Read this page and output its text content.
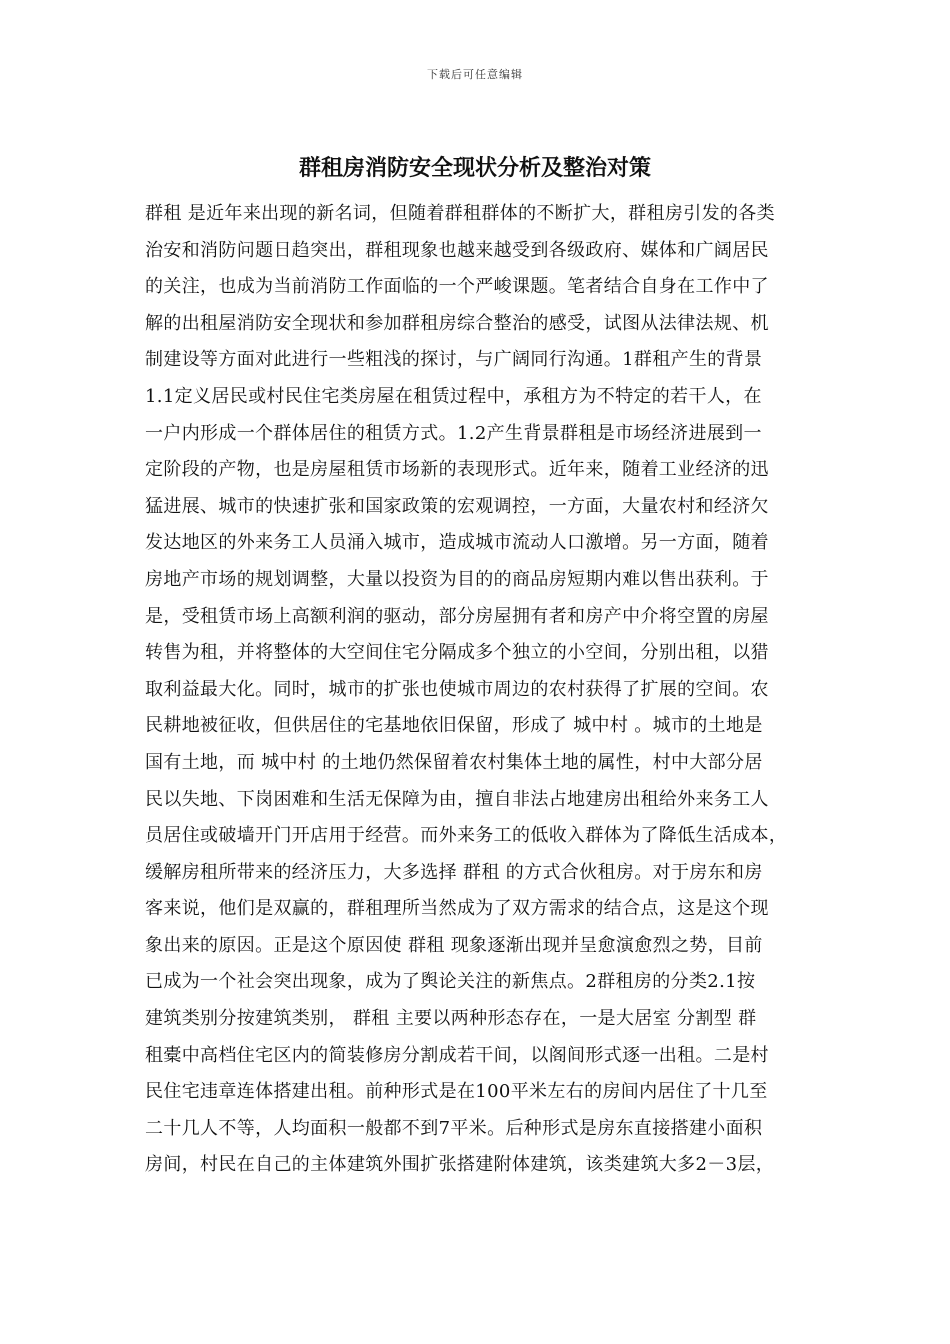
下载后可任意编辑
群租房消防安全现状分析及整治对策
群租 是近年来出现的新名词，但随着群租群体的不断扩大，群租房引发的各类
治安和消防问题日趋突出，群租现象也越来越受到各级政府、媒体和广阔居民
的关注，也成为当前消防工作面临的一个严峻课题。笔者结合自身在工作中了
解的出租屋消防安全现状和参加群租房综合整治的感受，试图从法律法规、机
制建设等方面对此进行一些粗浅的探讨，与广阔同行沟通。1群租产生的背景
1.1定义居民或村民住宅类房屋在租赁过程中，承租方为不特定的若干人，在
一户内形成一个群体居住的租赁方式。1.2产生背景群租是市场经济进展到一
定阶段的产物，也是房屋租赁市场新的表现形式。近年来，随着工业经济的迅
猛进展、城市的快速扩张和国家政策的宏观调控，一方面，大量农村和经济欠
发达地区的外来务工人员涌入城市，造成城市流动人口激增。另一方面，随着
房地产市场的规划调整，大量以投资为目的的商品房短期内难以售出获利。于
是，受租赁市场上高额利润的驱动，部分房屋拥有者和房产中介将空置的房屋
转售为租，并将整体的大空间住宅分隔成多个独立的小空间，分别出租，以猎
取利益最大化。同时，城市的扩张也使城市周边的农村获得了扩展的空间。农
民耕地被征收，但供居住的宅基地依旧保留，形成了 城中村 。城市的土地是
国有土地，而 城中村 的土地仍然保留着农村集体土地的属性，村中大部分居
民以失地、下岗困难和生活无保障为由，擅自非法占地建房出租给外来务工人
员居住或破墙开门开店用于经营。而外来务工的低收入群体为了降低生活成本，
缓解房租所带来的经济压力，大多选择 群租 的方式合伙租房。对于房东和房
客来说，他们是双赢的，群租理所当然成为了双方需求的结合点，这是这个现
象出来的原因。正是这个原因使 群租 现象逐渐出现并呈愈演愈烈之势，目前
已成为一个社会突出现象，成为了舆论关注的新焦点。2群租房的分类2.1按
建筑类别分按建筑类别， 群租 主要以两种形态存在，一是大居室 分割型 群
租橐中高档住宅区内的简装修房分割成若干间，以阁间形式逐一出租。二是村
民住宅违章连体搭建出租。前种形式是在100平米左右的房间内居住了十几至
二十几人不等，人均面积一般都不到7平米。后种形式是房东直接搭建小面积
房间，村民在自己的主体建筑外围扩张搭建附体建筑，该类建筑大多2－3层，
